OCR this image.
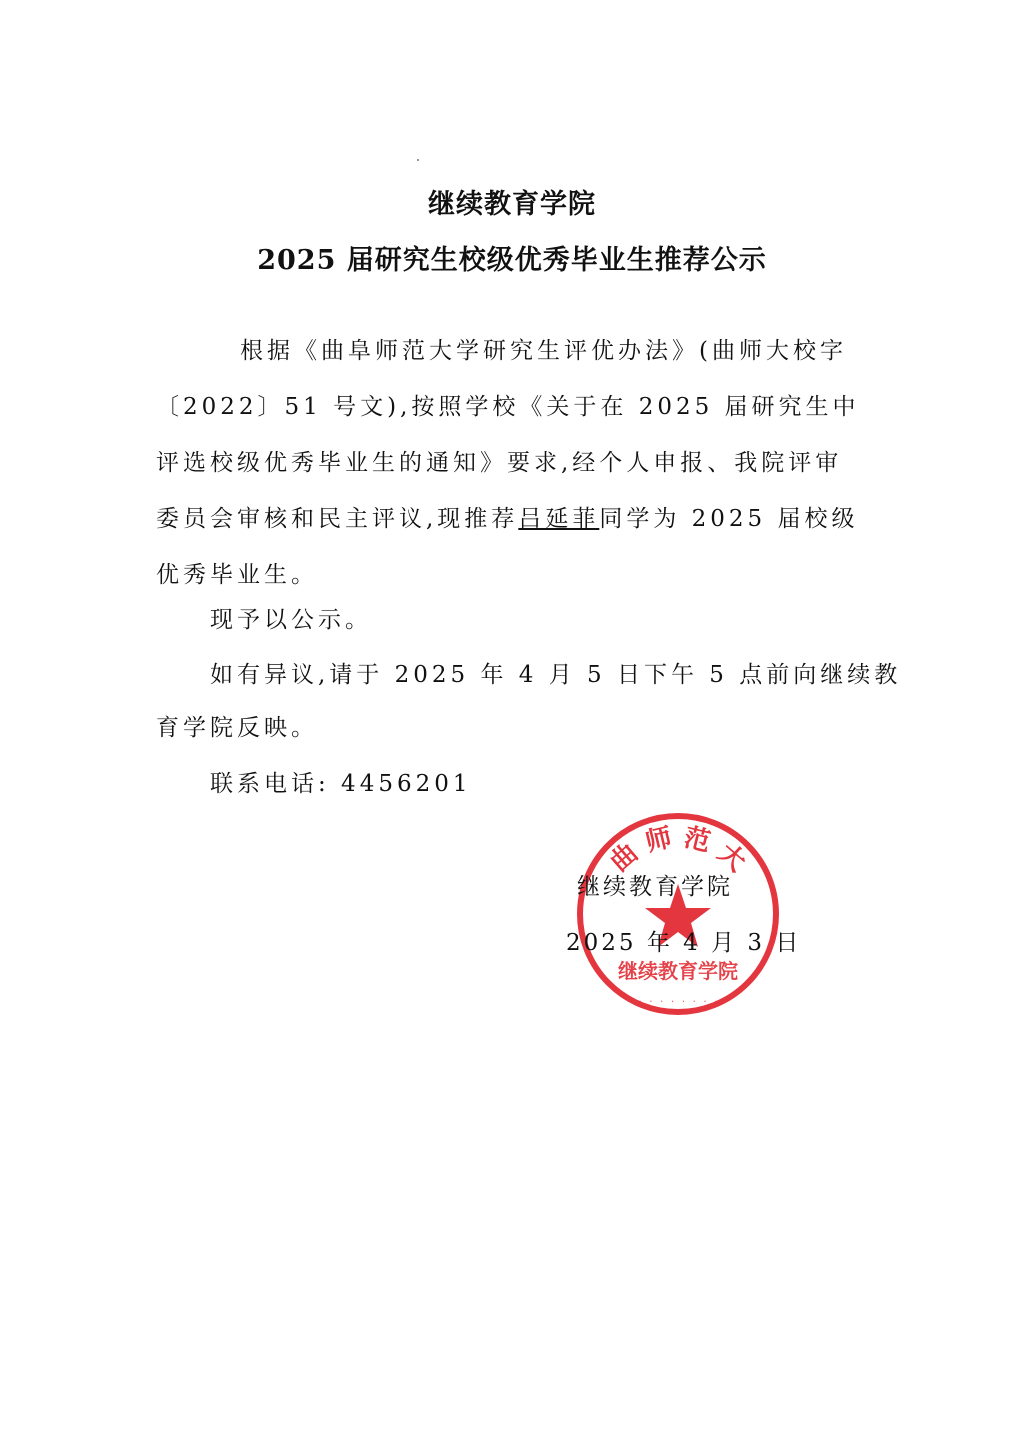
继续教育学院
2025 届研究生校级优秀毕业生推荐公示
根据《曲阜师范大学研究生评优办法》(曲师大校字〔2022〕51 号文),按照学校《关于在 2025 届研究生中评选校级优秀毕业生的通知》要求,经个人申报、我院评审委员会审核和民主评议,现推荐吕延菲同学为 2025 届校级优秀毕业生。
现予以公示。
如有异议,请于 2025 年 4 月 5 日下午 5 点前向继续教
育学院反映。
联系电话: 4456201
曲 师 范 大
继续教育学院
. . . . . . . .
继续教育学院
2025 年 4 月 3 日
